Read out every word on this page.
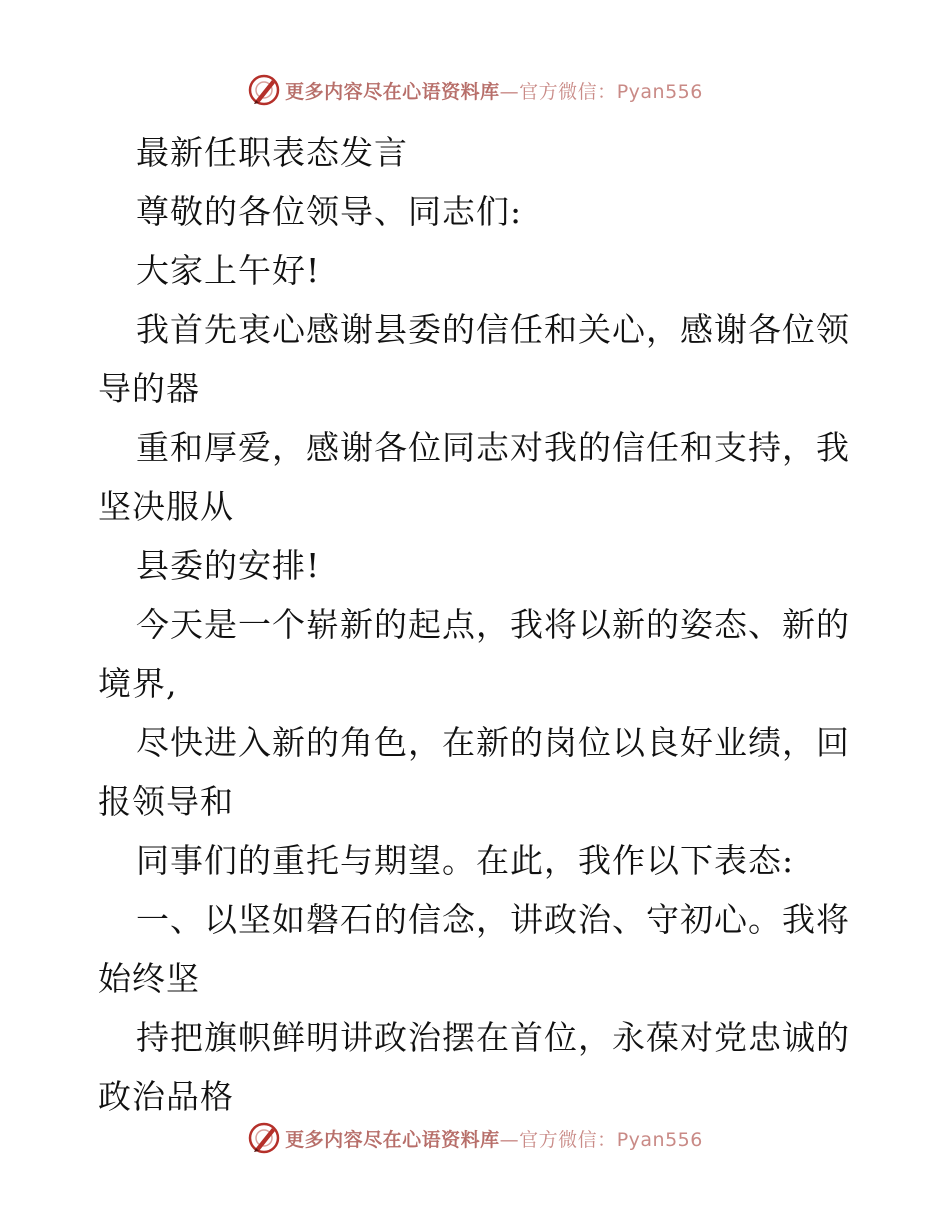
更多内容尽在心语资料库—官方微信：Pyan556
最新任职表态发言
尊敬的各位领导、同志们:
大家上午好!
我首先衷心感谢县委的信任和关心，感谢各位领
导的器
重和厚爱，感谢各位同志对我的信任和支持，我
坚决服从
县委的安排!
今天是一个崭新的起点，我将以新的姿态、新的
境界,
尽快进入新的角色，在新的岗位以良好业绩，回
报领导和
同事们的重托与期望。在此，我作以下表态:
一、以坚如磐石的信念，讲政治、守初心。我将
始终坚
持把旗帜鲜明讲政治摆在首位，永葆对党忠诚的
政治品格
更多内容尽在心语资料库—官方微信：Pyan556
